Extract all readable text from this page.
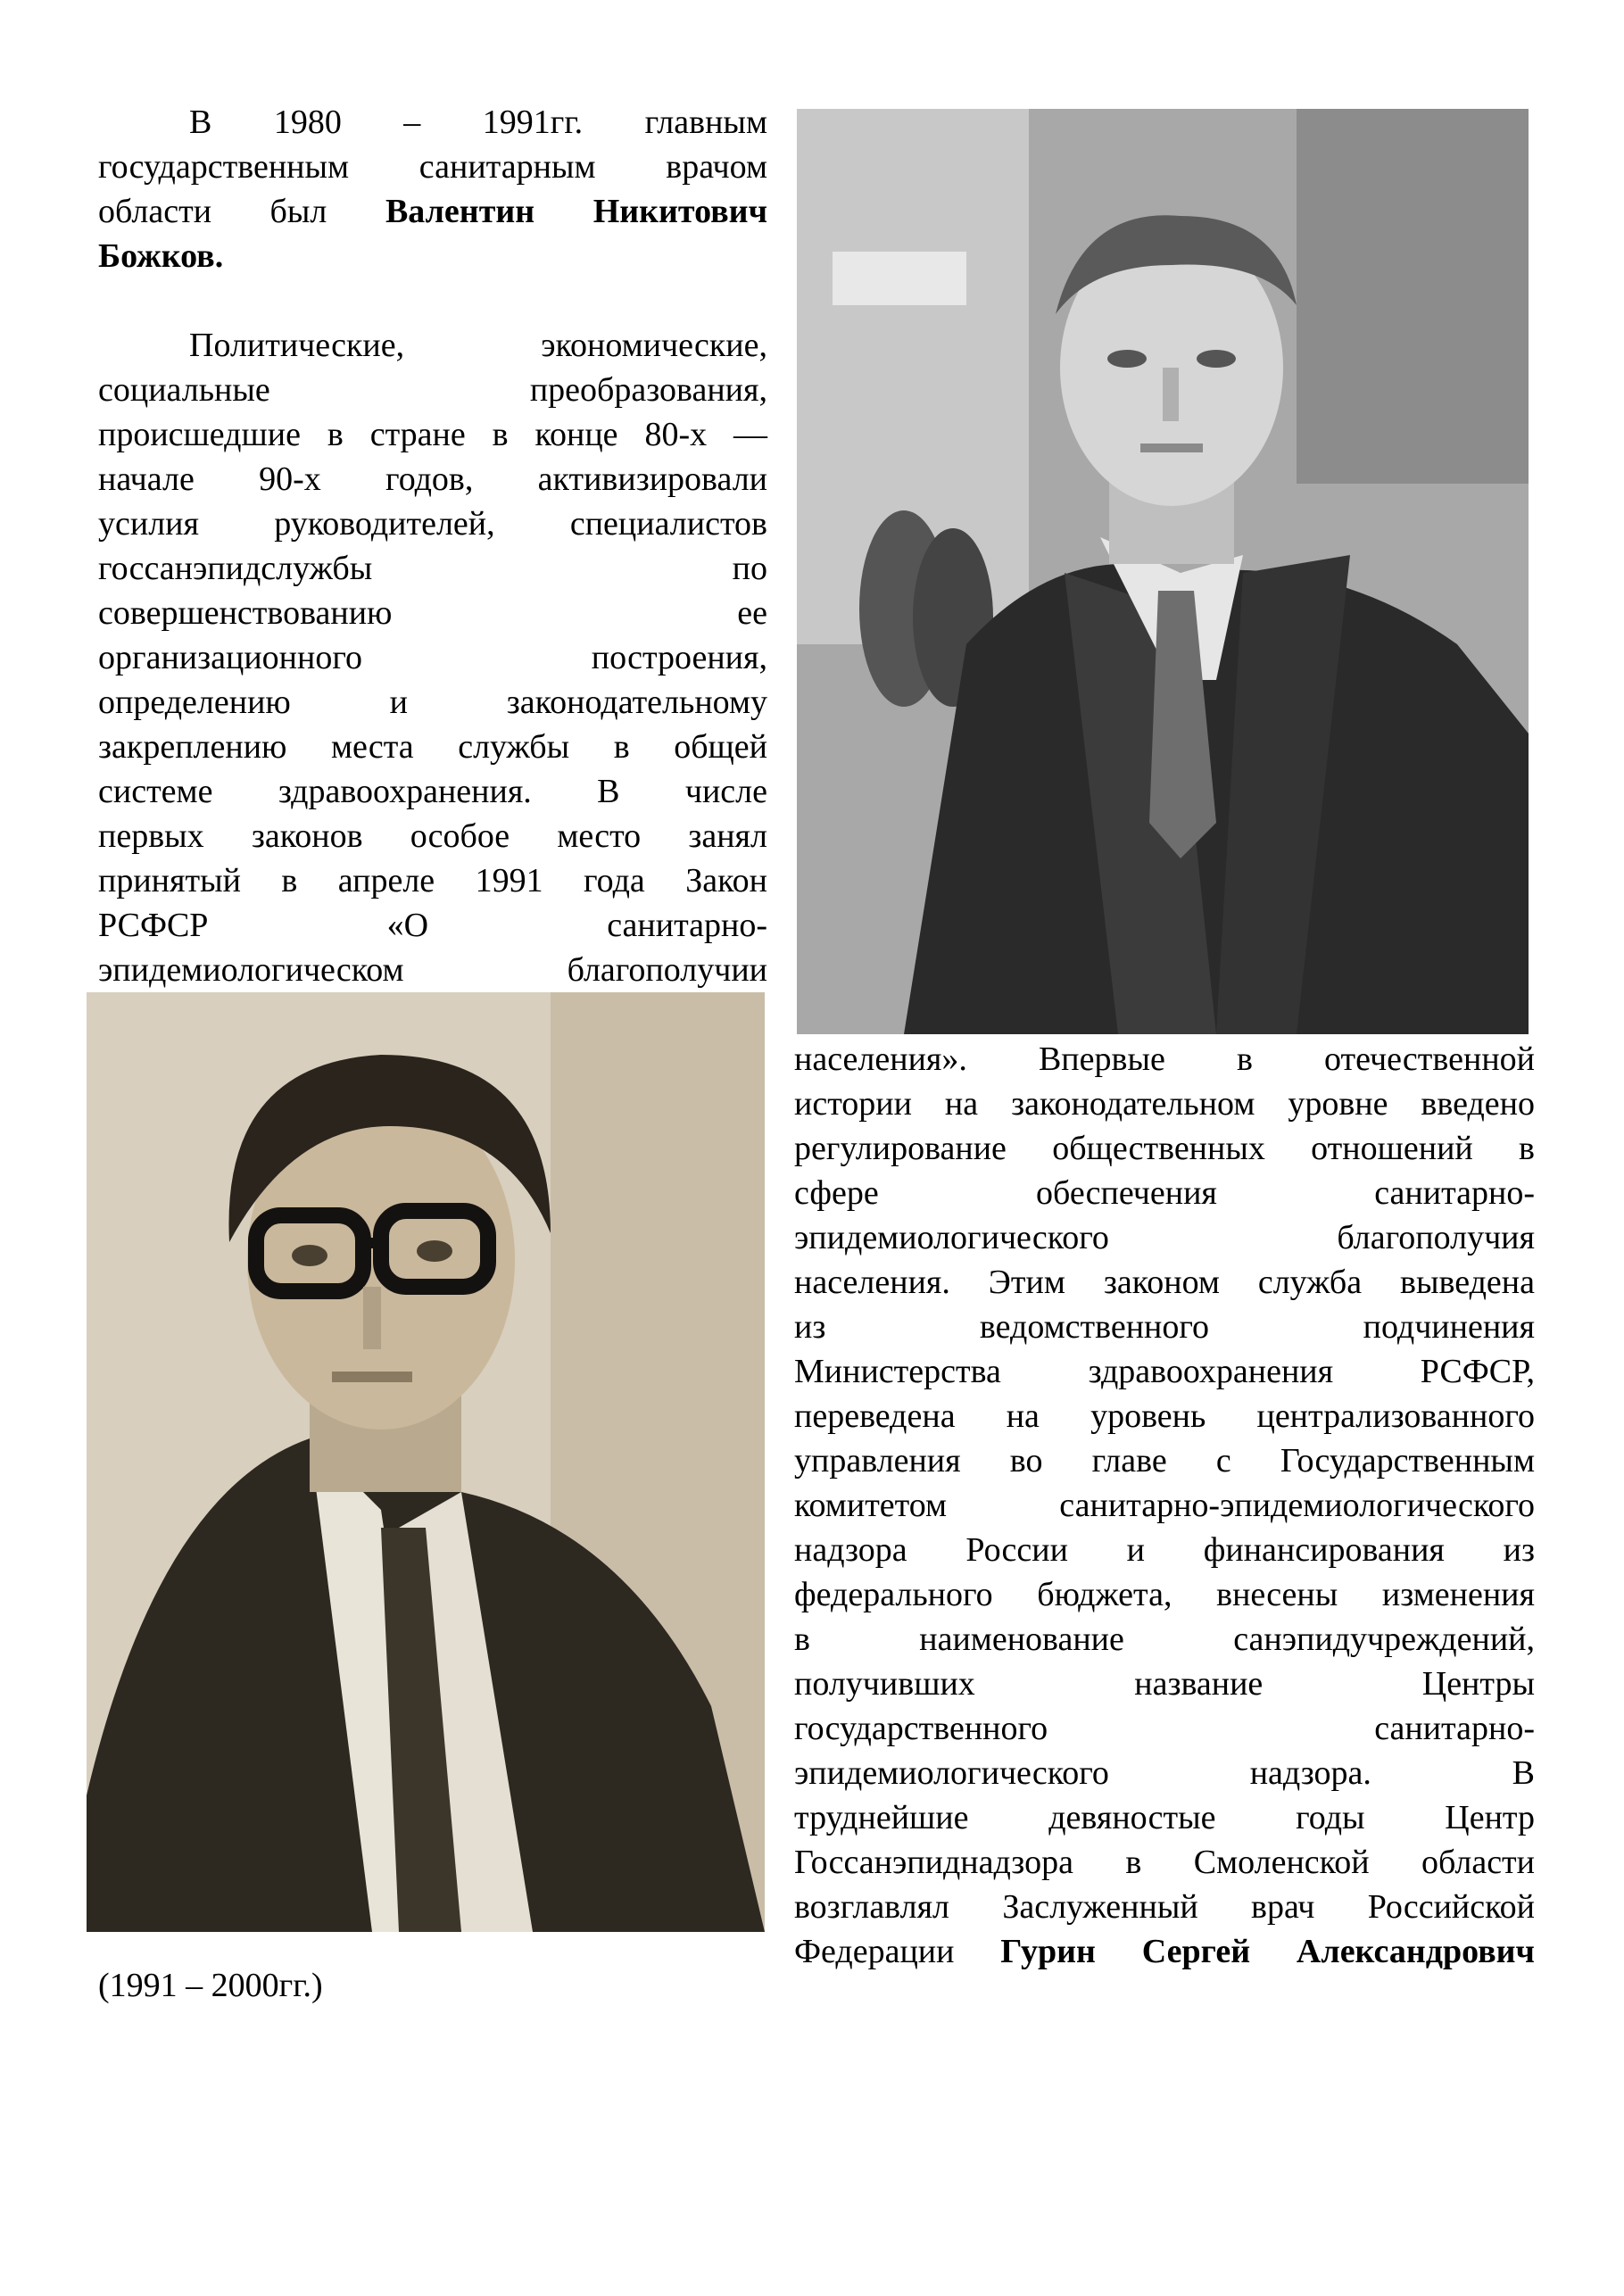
В 1980 – 1991гг. главным
государственным санитарным врачом
области был Валентин Никитович
Божков.

Политические, экономические,
социальные преобразования,
происшедшие в стране в конце 80-х —
начале 90-х годов, активизировали
усилия руководителей, специалистов
госсанэпидслужбы по
совершенствованию ее
организационного построения,
определению и законодательному
закреплению места службы в общей
системе здравоохранения. В числе
первых законов особое место занял
принятый в апреле 1991 года Закон
РСФСР «О санитарно-
эпидемиологическом благополучии

населения». Впервые в отечественной
истории на законодательном уровне введено
регулирование общественных отношений в
сфере обеспечения санитарно-
эпидемиологического благополучия
населения. Этим законом служба выведена
из ведомственного подчинения
Министерства здравоохранения РСФСР,
переведена на уровень централизованного
управления во главе с Государственным
комитетом санитарно-эпидемиологического
надзора России и финансирования из
федерального бюджета, внесены изменения
в наименование санэпидучреждений,
получивших название Центры
государственного санитарно-
эпидемиологического надзора. В
труднейшие девяностые годы Центр
Госсанэпиднадзора в Смоленской области
возглавлял Заслуженный врач Российской
Федерации Гурин Сергей Александрович

(1991 – 2000гг.)
